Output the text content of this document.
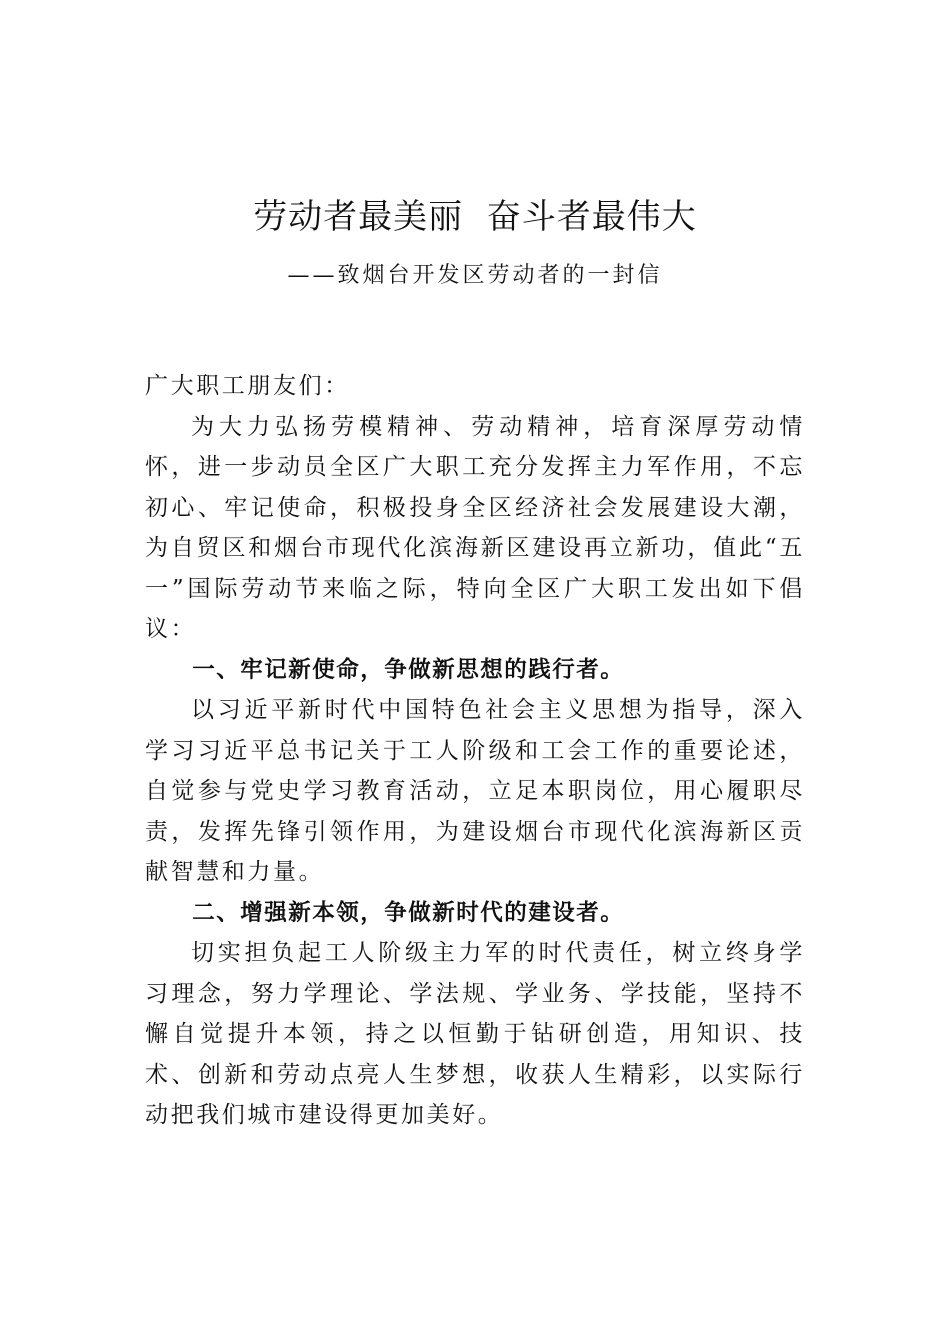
劳动者最美丽  奋斗者最伟大
——致烟台开发区劳动者的一封信

广大职工朋友们：

为大力弘扬劳模精神、劳动精神，培育深厚劳动情怀，进一步动员全区广大职工充分发挥主力军作用，不忘初心、牢记使命，积极投身全区经济社会发展建设大潮，为自贸区和烟台市现代化滨海新区建设再立新功，值此“五一”国际劳动节来临之际，特向全区广大职工发出如下倡议：

一、牢记新使命，争做新思想的践行者。

以习近平新时代中国特色社会主义思想为指导，深入学习习近平总书记关于工人阶级和工会工作的重要论述，自觉参与党史学习教育活动，立足本职岗位，用心履职尽责，发挥先锋引领作用，为建设烟台市现代化滨海新区贡献智慧和力量。

二、增强新本领，争做新时代的建设者。

切实担负起工人阶级主力军的时代责任，树立终身学习理念，努力学理论、学法规、学业务、学技能，坚持不懈自觉提升本领，持之以恒勤于钻研创造，用知识、技术、创新和劳动点亮人生梦想，收获人生精彩，以实际行动把我们城市建设得更加美好。
